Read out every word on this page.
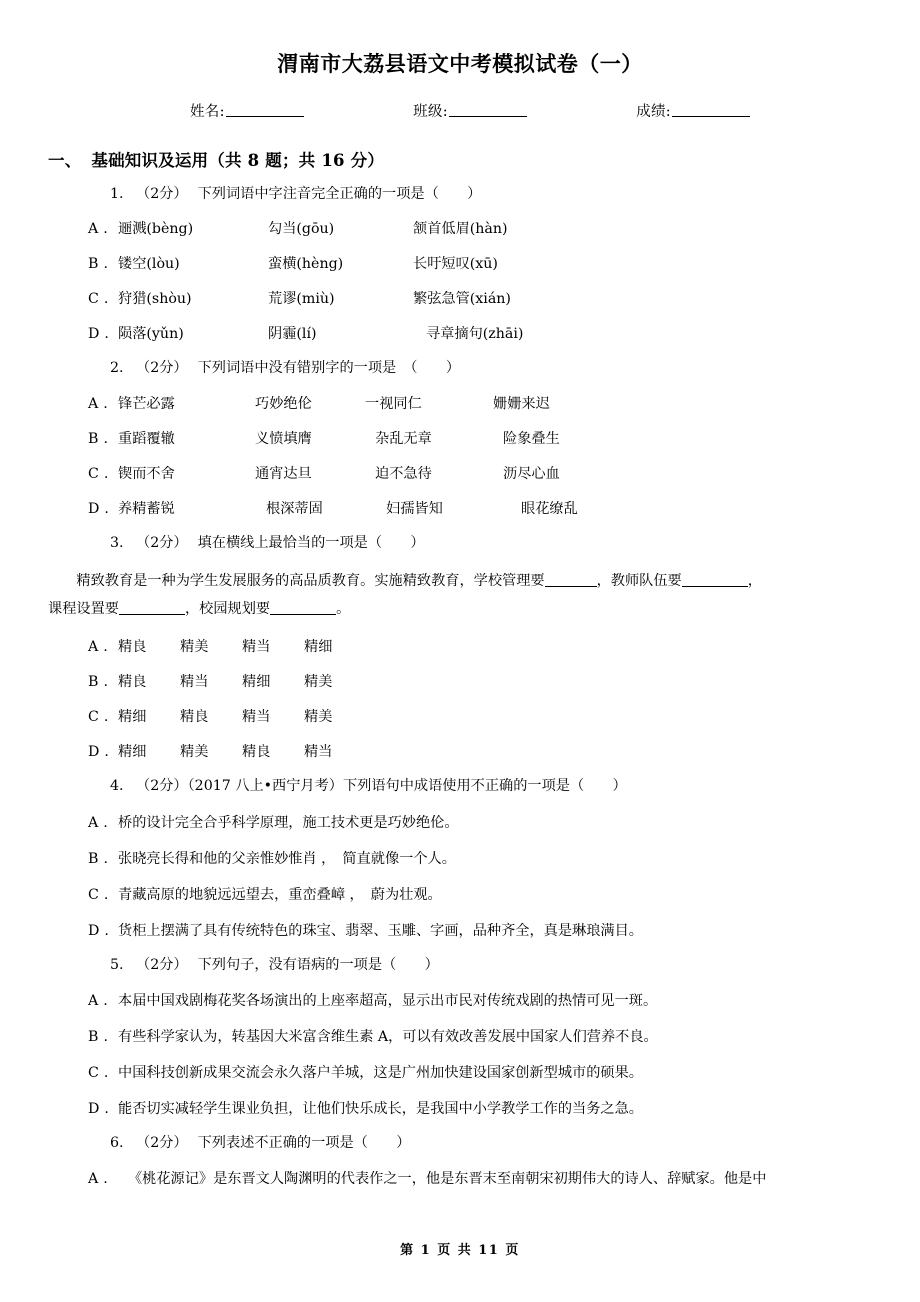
渭南市大荔县语文中考模拟试卷（一）
姓名:	班级:	成绩:
一、 基础知识及运用（共 8 题；共 16 分）
1. （2分） 下列词语中字注音完全正确的一项是（　　）
A . 逦溅(bèng)	勾当(gōu)	颔首低眉(hàn)
B . 镂空(lòu)	蛮横(hèng)	长吁短叹(xū)
C . 狩猎(shòu)	荒谬(miù)	繁弦急管(xián)
D . 陨落(yǔn)	阴霾(lí)	寻章摘句(zhāi)
2. （2分） 下列词语中没有错别字的一项是　（　　）
A . 锋芒必露	巧妙绝伦	一视同仁	姗姗来迟
B . 重蹈覆辙	义愤填膺	杂乱无章	险象叠生
C . 锲而不舍	通宵达旦	迫不急待	沥尽心血
D . 养精蓄锐	根深蒂固	妇孺皆知	眼花缭乱
3. （2分） 填在横线上最恰当的一项是（　　）
精致教育是一种为学生发展服务的高品质教育。实施精致教育，学校管理要	，教师队伍要	，
课程设置要	，校园规划要	。
A . 精良 精美 精当 精细
B . 精良 精当 精细 精美
C . 精细 精良 精当 精美
D . 精细 精美 精良 精当
4. （2分）（2017 八上•西宁月考）下列语句中成语使用不正确的一项是（　　）
A . 桥的设计完全合乎科学原理，施工技术更是巧妙绝伦。
B . 张晓亮长得和他的父亲惟妙惟肖 ，　简直就像一个人。
C . 青藏高原的地貌远远望去，重峦叠嶂 ，　蔚为壮观。
D . 货柜上摆满了具有传统特色的珠宝、翡翠、玉雕、字画，品种齐全，真是琳琅满目。
5. （2分） 下列句子，没有语病的一项是（　　）
A . 本届中国戏剧梅花奖各场演出的上座率超高，显示出市民对传统戏剧的热情可见一斑。
B . 有些科学家认为，转基因大米富含维生素 A，可以有效改善发展中国家人们营养不良。
C . 中国科技创新成果交流会永久落户羊城，这是广州加快建设国家创新型城市的硕果。
D . 能否切实减轻学生课业负担，让他们快乐成长，是我国中小学教学工作的当务之急。
6. （2分） 下列表述不正确的一项是（　　）
A . 《桃花源记》是东晋文人陶渊明的代表作之一，他是东晋末至南朝宋初期伟大的诗人、辞赋家。他是中
第 1 页 共 11 页
